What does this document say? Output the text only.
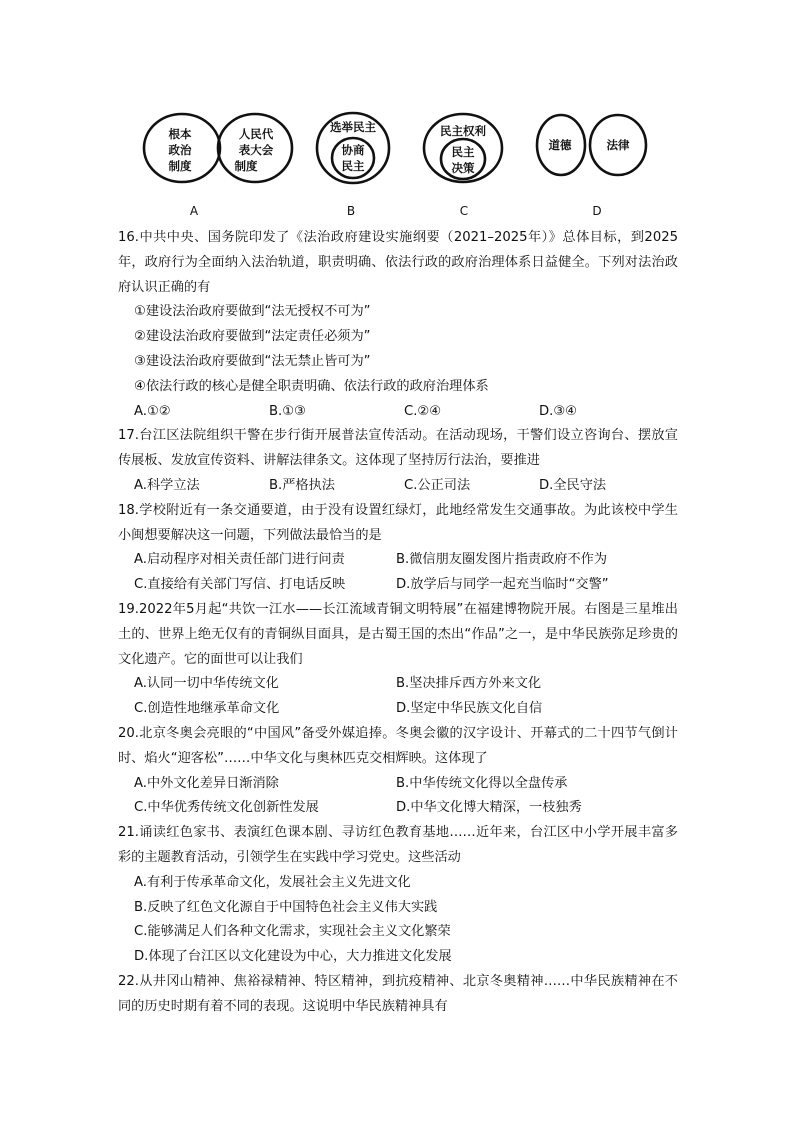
根本
政治
制度
人民代
表大会
制度
选举民主
协商
民主
民主权利
民主
决策
道德	法律
A	B	C	D
16.中共中央、国务院印发了《法治政府建设实施纲要（2021–2025年）》总体目标，到2025年，政府行为全面纳入法治轨道，职责明确、依法行政的政府治理体系日益健全。下列对法治政府认识正确的有
①建设法治政府要做到“法无授权不可为”
②建设法治政府要做到“法定责任必须为”
③建设法治政府要做到“法无禁止皆可为”
④依法行政的核心是健全职责明确、依法行政的政府治理体系
A.①②	B.①③	C.②④	D.③④
17.台江区法院组织干警在步行街开展普法宣传活动。在活动现场，干警们设立咨询台、摆放宣传展板、发放宣传资料、讲解法律条文。这体现了坚持厉行法治，要推进
A.科学立法	B.严格执法	C.公正司法	D.全民守法
18.学校附近有一条交通要道，由于没有设置红绿灯，此地经常发生交通事故。为此该校中学生小闽想要解决这一问题，下列做法最恰当的是
A.启动程序对相关责任部门进行问责	B.微信朋友圈发图片指责政府不作为
C.直接给有关部门写信、打电话反映	D.放学后与同学一起充当临时“交警”
19.2022年5月起“共饮一江水——长江流域青铜文明特展”在福建博物院开展。右图是三星堆出土的、世界上绝无仅有的青铜纵目面具，是古蜀王国的杰出“作品”之一，是中华民族弥足珍贵的文化遗产。它的面世可以让我们
A.认同一切中华传统文化	B.坚决排斥西方外来文化
C.创造性地继承革命文化	D.坚定中华民族文化自信
20.北京冬奥会亮眼的“中国风”备受外媒追捧。冬奥会徽的汉字设计、开幕式的二十四节气倒计时、焰火“迎客松”……中华文化与奥林匹克交相辉映。这体现了
A.中外文化差异日渐消除	B.中华传统文化得以全盘传承
C.中华优秀传统文化创新性发展	D.中华文化博大精深，一枝独秀
21.诵读红色家书、表演红色课本剧、寻访红色教育基地……近年来，台江区中小学开展丰富多彩的主题教育活动，引领学生在实践中学习党史。这些活动
A.有利于传承革命文化，发展社会主义先进文化
B.反映了红色文化源自于中国特色社会主义伟大实践
C.能够满足人们各种文化需求，实现社会主义文化繁荣
D.体现了台江区以文化建设为中心，大力推进文化发展
22.从井冈山精神、焦裕禄精神、特区精神，到抗疫精神、北京冬奥精神……中华民族精神在不同的历史时期有着不同的表现。这说明中华民族精神具有
